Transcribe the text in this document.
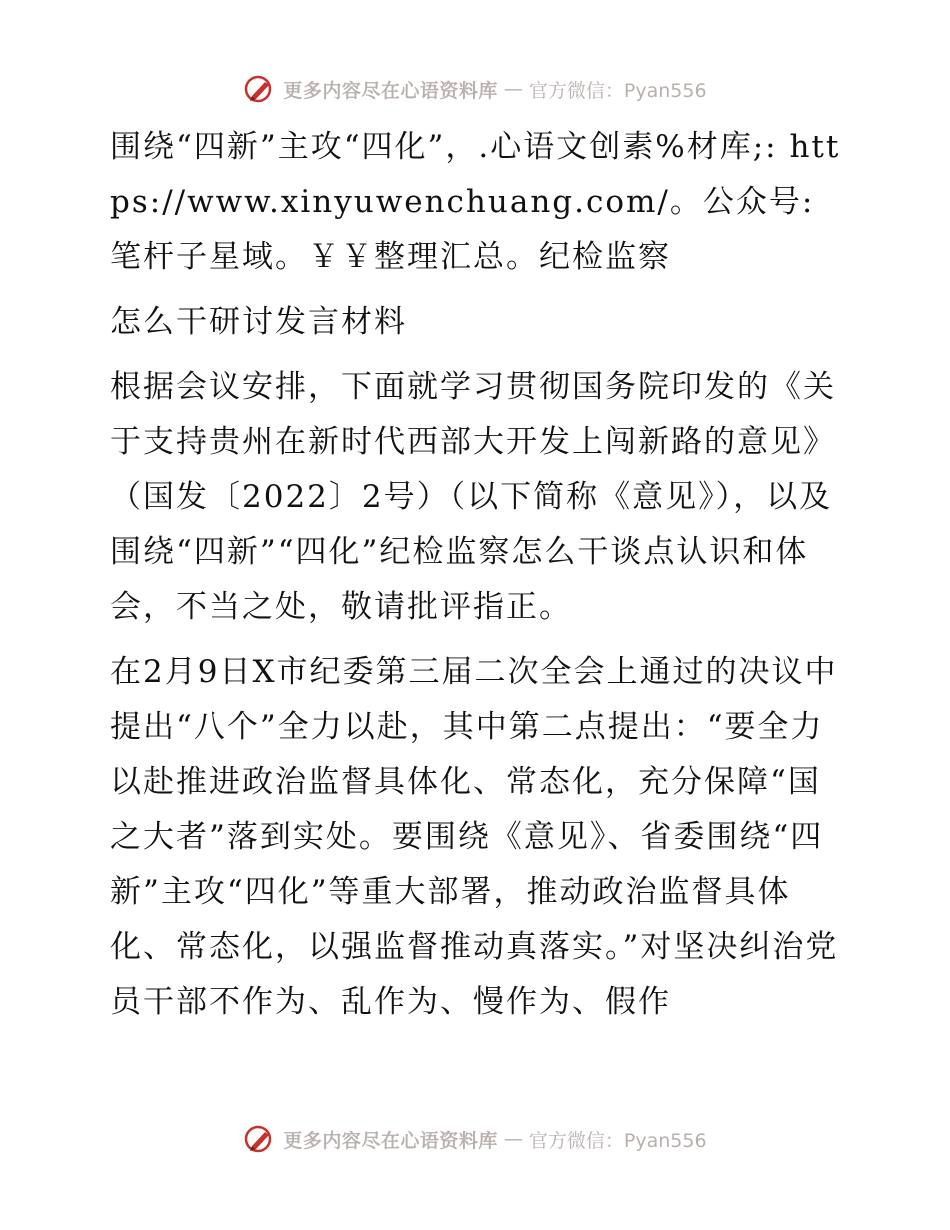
更多内容尽在心语资料库 — 官方微信：Pyan556

围绕“四新”主攻“四化”，.心语文创素%材库;: https://www.xinyuwenchuang.com/。公众号: 笔杆子星域。￥￥整理汇总。纪检监察

怎么干研讨发言材料

根据会议安排，下面就学习贯彻国务院印发的《关于支持贵州在新时代西部大开发上闯新路的意见》（国发〔2022〕2号）（以下简称《意见》），以及围绕“四新”“四化”纪检监察怎么干谈点认识和体会，不当之处，敬请批评指正。

在2月9日X市纪委第三届二次全会上通过的决议中提出“八个”全力以赴，其中第二点提出：“要全力以赴推进政治监督具体化、常态化，充分保障“国之大者”落到实处。要围绕《意见》、省委围绕“四新”主攻“四化”等重大部署，推动政治监督具体化、常态化，以强监督推动真落实。”对坚决纠治党员干部不作为、乱作为、慢作为、假作

更多内容尽在心语资料库 — 官方微信：Pyan556
